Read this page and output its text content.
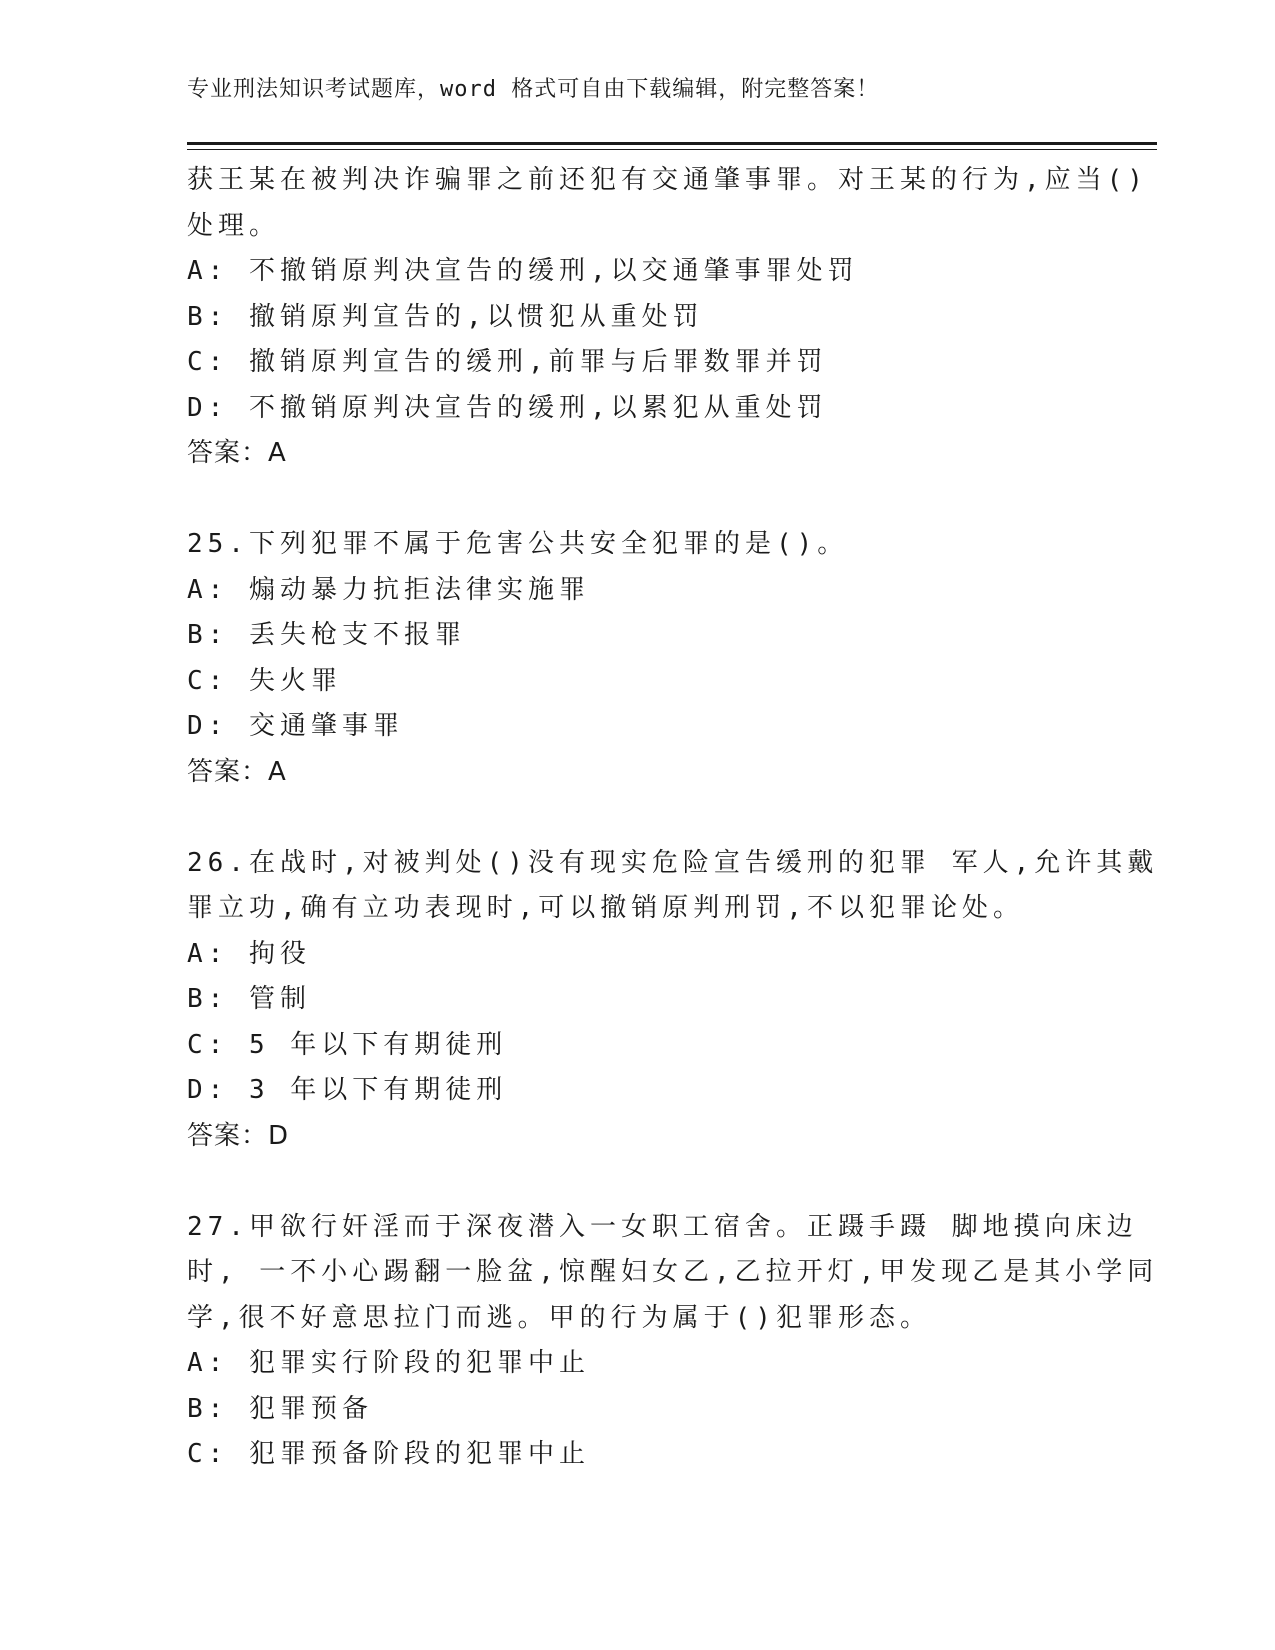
专业刑法知识考试题库，word 格式可自由下载编辑，附完整答案！
获王某在被判决诈骗罪之前还犯有交通肇事罪。对王某的行为,应当()
处理。
A: 不撤销原判决宣告的缓刑,以交通肇事罪处罚
B: 撤销原判宣告的,以惯犯从重处罚
C: 撤销原判宣告的缓刑,前罪与后罪数罪并罚
D: 不撤销原判决宣告的缓刑,以累犯从重处罚
答案：A
25.下列犯罪不属于危害公共安全犯罪的是()。
A: 煽动暴力抗拒法律实施罪
B: 丢失枪支不报罪
C: 失火罪
D: 交通肇事罪
答案：A
26.在战时,对被判处()没有现实危险宣告缓刑的犯罪 军人,允许其戴
罪立功,确有立功表现时,可以撤销原判刑罚,不以犯罪论处。
A: 拘役
B: 管制
C: 5 年以下有期徒刑
D: 3 年以下有期徒刑
答案：D
27.甲欲行奸淫而于深夜潜入一女职工宿舍。正蹑手蹑 脚地摸向床边
时, 一不小心踢翻一脸盆,惊醒妇女乙,乙拉开灯,甲发现乙是其小学同
学,很不好意思拉门而逃。甲的行为属于()犯罪形态。
A: 犯罪实行阶段的犯罪中止
B: 犯罪预备
C: 犯罪预备阶段的犯罪中止
